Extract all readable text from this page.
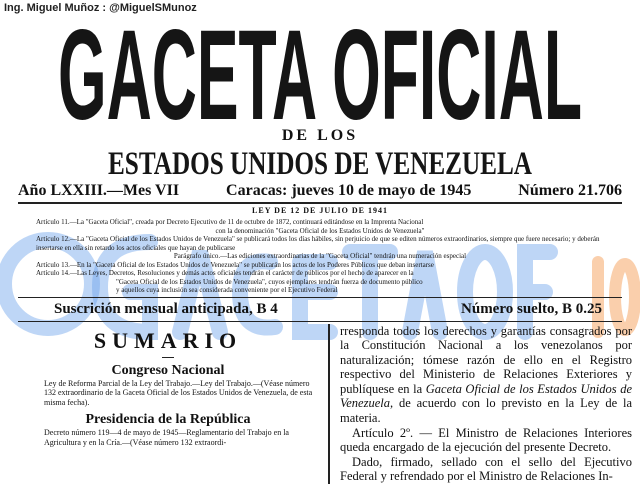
Ing. Miguel Muñoz : @MiguelSMunoz
GACETA OFICIAL
DE LOS
ESTADOS UNIDOS DE VENEZUELA
Año LXXIII.—Mes VII	Caracas: jueves 10 de mayo de 1945	Número 21.706
LEY DE 12 DE JULIO DE 1941

Artículo 11.—La "Gaceta Oficial", creada por Decreto Ejecutivo de 11 de octubre de 1872, continuará editándose en la Imprenta Nacional

con la denominación "Gaceta Oficial de los Estados Unidos de Venezuela"

Artículo 12.—La "Gaceta Oficial de los Estados Unidos de Venezuela" se publicará todos los días hábiles, sin perjuicio de que se editen números extraordinarios, siempre que fuere necesario; y deberán insertarse en ella sin retardo los actos oficiales que hayan de publicarse

Parágrafo único.—Las ediciones extraordinarias de la "Gaceta Oficial" tendrán una numeración especial

Artículo 13.—En la "Gaceta Oficial de los Estados Unidos de Venezuela" se publicarán los actos de los Poderes Públicos que deban insertarse

Artículo 14.—Las Leyes, Decretos, Resoluciones y demás actos oficiales tendrán el carácter de públicos por el hecho de aparecer en la

"Gaceta Oficial de los Estados Unidos de Venezuela", cuyos ejemplares tendrán fuerza de documento público

y aquellos cuya inclusión sea considerada conveniente por el Ejecutivo Federal

Suscrición mensual anticipada, B 4	Número suelto, B 0.25
SUMARIO
Congreso Nacional
Ley de Reforma Parcial de la Ley del Trabajo.—Ley del Trabajo.—(Véase número 132 extraordinario de la Gaceta Oficial de los Estados Unidos de Venezuela, de esta misma fecha).
Presidencia de la República
Decreto número 119—4 de mayo de 1945—Reglamentario del Trabajo en la Agricultura y en la Cría.—(Véase número 132 extraordi-

rresponda todos los derechos y garantías consagrados por la Constitución Nacional a los venezolanos por naturalización; tómese razón de ello en el Registro respectivo del Ministerio de Relaciones Exteriores y publíquese en la Gaceta Oficial de los Estados Unidos de Venezuela, de acuerdo con lo previsto en la Ley de la materia.

Artículo 2º. — El Ministro de Relaciones Interiores queda encargado de la ejecución del presente Decreto.

Dado, firmado, sellado con el sello del Ejecutivo Federal y refrendado por el Ministro de Relaciones In-
